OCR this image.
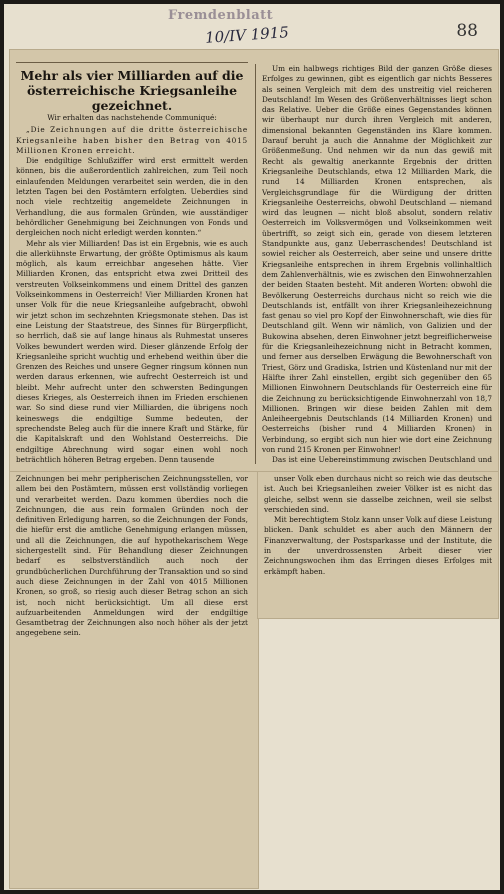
Fremdenblatt
10/IV 1915	88

Mehr als vier Milliarden auf die österreichische Kriegsanleihe gezeichnet.

Wir erhalten das nachstehende Communiqué:

„Die Zeichnungen auf die dritte österreichische Kriegsanleihe haben bisher den Betrag von 4015 Millionen Kronen erreicht.

Die endgiltige Schlußziffer wird erst ermittelt werden können, bis die außerordentlich zahlreichen, zum Teil noch einlaufenden Meldungen verarbeitet sein werden, die in den letzten Tagen bei den Postämtern erfolgten. Ueberdies sind noch viele rechtzeitig angemeldete Zeichnungen in Verhandlung, die aus formalen Gründen, wie ausständiger behördlicher Genehmigung bei Zeichnungen von Fonds und dergleichen noch nicht erledigt werden konnten.“

Mehr als vier Milliarden! Das ist ein Ergebnis, wie es auch die allerkühnste Erwartung, der größte Optimismus als kaum möglich, als kaum erreichbar angesehen hätte. Vier Milliarden Kronen, das entspricht etwa zwei Dritteil des verstreuten Volkseinkommens und einem Drittel des ganzen Volkseinkommens in Oesterreich! Vier Milliarden Kronen hat unser Volk für die neue Kriegsanleihe aufgebracht, obwohl wir jetzt schon im sechzehnten Kriegsmonate stehen. Das ist eine Leistung der Staatstreue, des Sinnes für Bürgerpflicht, so herrlich, daß sie auf lange hinaus als Ruhmestat unseres Volkes bewundert werden wird. Dieser glänzende Erfolg der Kriegsanleihe spricht wuchtig und erhebend weithin über die Grenzen des Reiches und unsere Gegner ringsum können nun werden daraus erkennen, wie aufrecht Oesterreich ist und bleibt. Mehr aufrecht unter den schwersten Bedingungen dieses Krieges, als Oesterreich ihnen im Frieden erschienen war. So sind diese rund vier Milliarden, die übrigens noch keineswegs die endgiltige Summe bedeuten, der sprechendste Beleg auch für die innere Kraft und Stärke, für die Kapitalskraft und den Wohlstand Oesterreichs. Die endgiltige Abrechnung wird sogar einen wohl noch beträchtlich höheren Betrag ergeben. Denn tausende

Um ein halbwegs richtiges Bild der ganzen Größe dieses Erfolges zu gewinnen, gibt es eigentlich gar nichts Besseres als seinen Vergleich mit dem des unstreitig viel reicheren Deutschland! Im Wesen des Größenverhältnisses liegt schon das Relative. Ueber die Größe eines Gegenstandes können wir überhaupt nur durch ihren Vergleich mit anderen, dimensional bekannten Gegenständen ins Klare kommen. Darauf beruht ja auch die Annahme der Möglichkeit zur Größenmeßung. Und nehmen wir da nun das gewiß mit Recht als gewaltig anerkannte Ergebnis der dritten Kriegsanleihe Deutschlands, etwa 12 Milliarden Mark, die rund 14 Milliarden Kronen entsprechen, als Vergleichsgrundlage für die Würdigung der dritten Kriegsanleihe Oesterreichs, obwohl Deutschland — niemand wird das leugnen — nicht bloß absolut, sondern relativ Oesterreich im Volksvermögen und Volkseinkommen weit übertrifft, so zeigt sich ein, gerade von diesem letzteren Standpunkte aus, ganz Ueberraschendes! Deutschland ist sowiel reicher als Oesterreich, aber seine und unsere dritte Kriegsanleihe entsprechen in ihrem Ergebnis vollinhaltlich dem Zahlenverhältnis, wie es zwischen den Einwohnerzahlen der beiden Staaten besteht. Mit anderen Worten: obwohl die Bevölkerung Oesterreichs durchaus nicht so reich wie die Deutschlands ist, entfällt von ihrer Kriegsanleihezeichnung fast genau so viel pro Kopf der Einwohnerschaft, wie dies für Deutschland gilt. Wenn wir nämlich, von Galizien und der Bukowina absehen, deren Einwohner jetzt begreiflicherweise für die Kriegsanleihezeichnung nicht in Betracht kommen, und ferner aus derselben Erwägung die Bewohnerschaft von Triest, Görz und Gradiska, Istrien und Küstenland nur mit der Hälfte ihrer Zahl einstellen, ergibt sich gegenüber den 65 Millionen Einwohnern Deutschlands für Oesterreich eine für die Zeichnung zu berücksichtigende Einwohnerzahl von 18,7 Millionen. Bringen wir diese beiden Zahlen mit dem Anleiheergebnis Deutschlands (14 Milliarden Kronen) und Oesterreichs (bisher rund 4 Milliarden Kronen) in Verbindung, so ergibt sich nun hier wie dort eine Zeichnung von rund 215 Kronen per Einwohner!

Das ist eine Uebereinstimmung zwischen Deutschland und

Zeichnungen bei mehr peripherischen Zeichnungsstellen, vor allem bei den Postämtern, müssen erst vollständig vorliegen und verarbeitet werden. Dazu kommen überdies noch die Zeichnungen, die aus rein formalen Gründen noch der definitiven Erledigung harren, so die Zeichnungen der Fonds, die hiefür erst die amtliche Genehmigung erlangen müssen, und all die Zeichnungen, die auf hypothekarischem Wege sichergestellt sind. Für Behandlung dieser Zeichnungen bedarf es selbstverständlich auch noch der grundbücherlichen Durchführung der Transaktion und so sind auch diese Zeichnungen in der Zahl von 4015 Millionen Kronen, so groß, so riesig auch dieser Betrag schon an sich ist, noch nicht berücksichtigt. Um all diese erst aufzuarbeitenden Anmeldungen wird der endgiltige Gesamtbetrag der Zeichnungen also noch höher als der jetzt angegebene sein.

unser Volk eben durchaus nicht so reich wie das deutsche ist. Auch bei Kriegsanleihen zweier Völker ist es nicht das gleiche, selbst wenn sie dasselbe zeichnen, weil sie selbst verschieden sind.

Mit berechtigtem Stolz kann unser Volk auf diese Leistung blicken. Dank schuldet es aber auch den Männern der Finanzverwaltung, der Postsparkasse und der Institute, die in der unverdrossensten Arbeit dieser vier Zeichnungswochen ihm das Erringen dieses Erfolges mit erkämpft haben.
